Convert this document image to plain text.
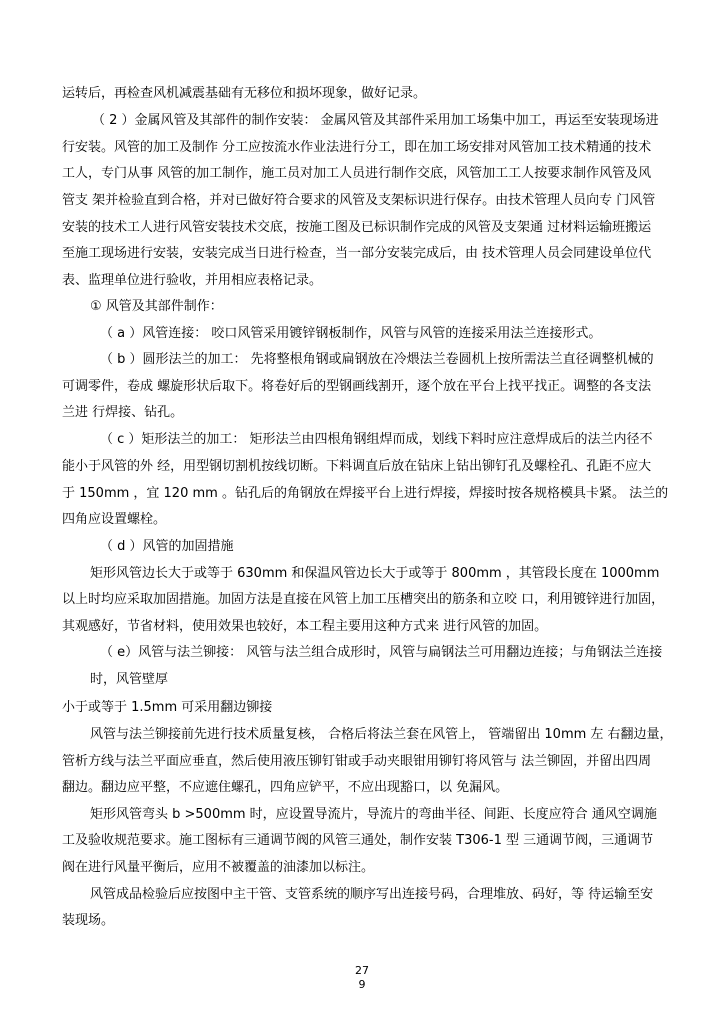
运转后，再检查风机减震基础有无移位和损坏现象，做好记录。

（ 2 ）金属风管及其部件的制作安装： 金属风管及其部件采用加工场集中加工，再运至安装现场进

行安装。风管的加工及制作 分工应按流水作业法进行分工，即在加工场安排对风管加工技术精通的技术

工人，专门从事 风管的加工制作，施工员对加工人员进行制作交底，风管加工工人按要求制作风管及风

管支 架并检验直到合格，并对已做好符合要求的风管及支架标识进行保存。由技术管理人员向专 门风管

安装的技术工人进行风管安装技术交底，按施工图及已标识制作完成的风管及支架通 过材料运输班搬运

至施工现场进行安装，安装完成当日进行检查，当一部分安装完成后，由 技术管理人员会同建设单位代

表、监理单位进行验收，并用相应表格记录。

① 风管及其部件制作：

（ a ）风管连接： 咬口风管采用镀锌钢板制作，风管与风管的连接采用法兰连接形式。

（ b ）圆形法兰的加工： 先将整根角钢或扁钢放在冷煨法兰卷圆机上按所需法兰直径调整机械的

可调零件，卷成 螺旋形状后取下。将卷好后的型钢画线割开，逐个放在平台上找平找正。调整的各支法

兰进 行焊接、钻孔。

（ c ）矩形法兰的加工： 矩形法兰由四根角钢组焊而成，划线下料时应注意焊成后的法兰内径不

能小于风管的外 经，用型钢切割机按线切断。下料调直后放在钻床上钻出铆钉孔及螺栓孔、孔距不应大

于 150mm ，宜 120 mm 。钻孔后的角钢放在焊接平台上进行焊接，焊接时按各规格模具卡紧。 法兰的

四角应设置螺栓。

（ d ）风管的加固措施

矩形风管边长大于或等于 630mm 和保温风管边长大于或等于 800mm ，其管段长度在 1000mm

以上时均应采取加固措施。加固方法是直接在风管上加工压槽突出的筋条和立咬 口，利用镀锌进行加固，

其观感好，节省材料，使用效果也较好，本工程主要用这种方式来 进行风管的加固。

（ e）风管与法兰铆接： 风管与法兰组合成形时，风管与扁钢法兰可用翻边连接；与角钢法兰连接

时，风管壁厚

小于或等于 1.5mm 可采用翻边铆接

风管与法兰铆接前先进行技术质量复核， 合格后将法兰套在风管上， 管端留出 10mm 左 右翻边量，

管析方线与法兰平面应垂直，然后使用液压铆钉钳或手动夹眼钳用铆钉将风管与 法兰铆固，并留出四周

翻边。翻边应平整，不应遮住螺孔，四角应铲平，不应出现豁口，以 免漏风。

矩形风管弯头 b >500mm 时，应设置导流片，导流片的弯曲半径、间距、长度应符合 通风空调施

工及验收规范要求。施工图标有三通调节阀的风管三通处，制作安装 T306-1 型 三通调节阀，三通调节

阀在进行风量平衡后，应用不被覆盖的油漆加以标注。

风管成品检验后应按图中主干管、支管系统的顺序写出连接号码，合理堆放、码好，等 待运输至安

装现场。

27
9
